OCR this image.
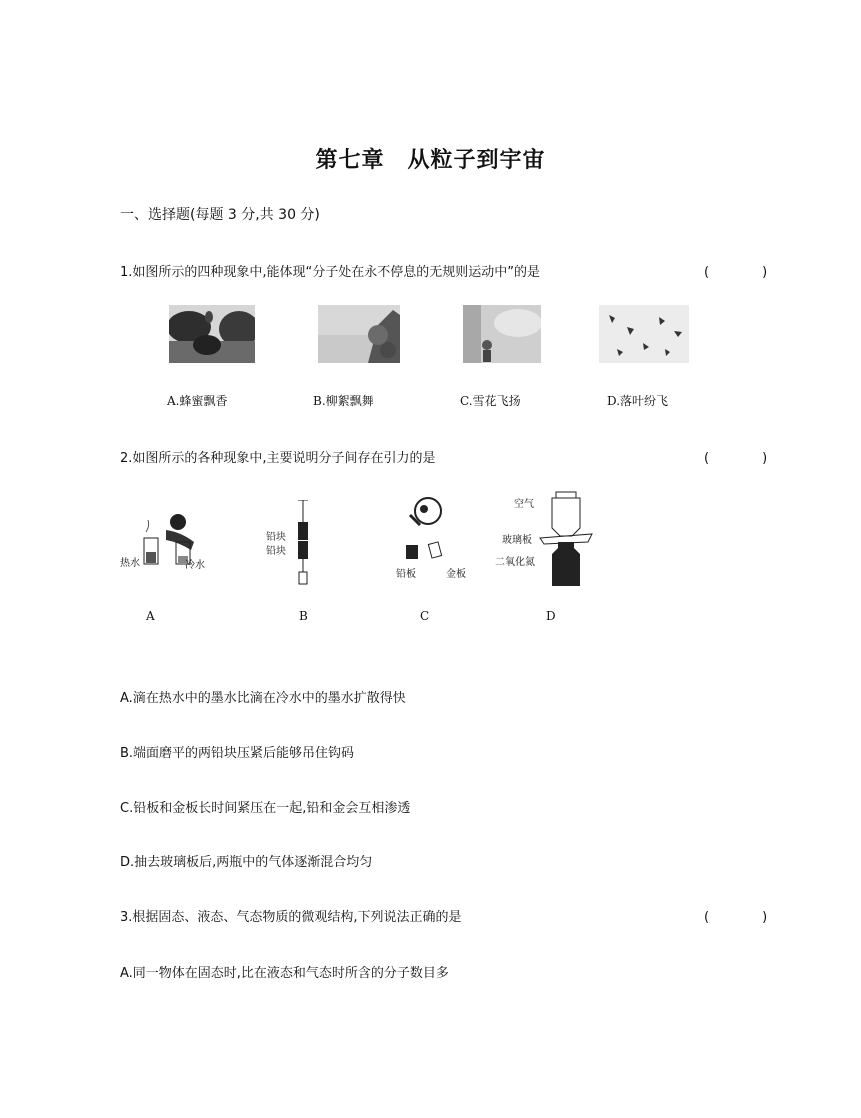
第七章　从粒子到宇宙
一、选择题(每题 3 分,共 30 分)
1.如图所示的四种现象中,能体现“分子处在永不停息的无规则运动中”的是	(　)
A.蜂蜜飘香	B.柳絮飘舞	C.雪花飞扬	D.落叶纷飞
2.如图所示的各种现象中,主要说明分子间存在引力的是	(　)
热水	冷水
铅块
铅块
铅板	金板
空气
玻璃板
二氧化氮
A	B	C	D
A.滴在热水中的墨水比滴在冷水中的墨水扩散得快
B.端面磨平的两铅块压紧后能够吊住钩码
C.铅板和金板长时间紧压在一起,铅和金会互相渗透
D.抽去玻璃板后,两瓶中的气体逐渐混合均匀
3.根据固态、液态、气态物质的微观结构,下列说法正确的是	(　)
A.同一物体在固态时,比在液态和气态时所含的分子数目多
